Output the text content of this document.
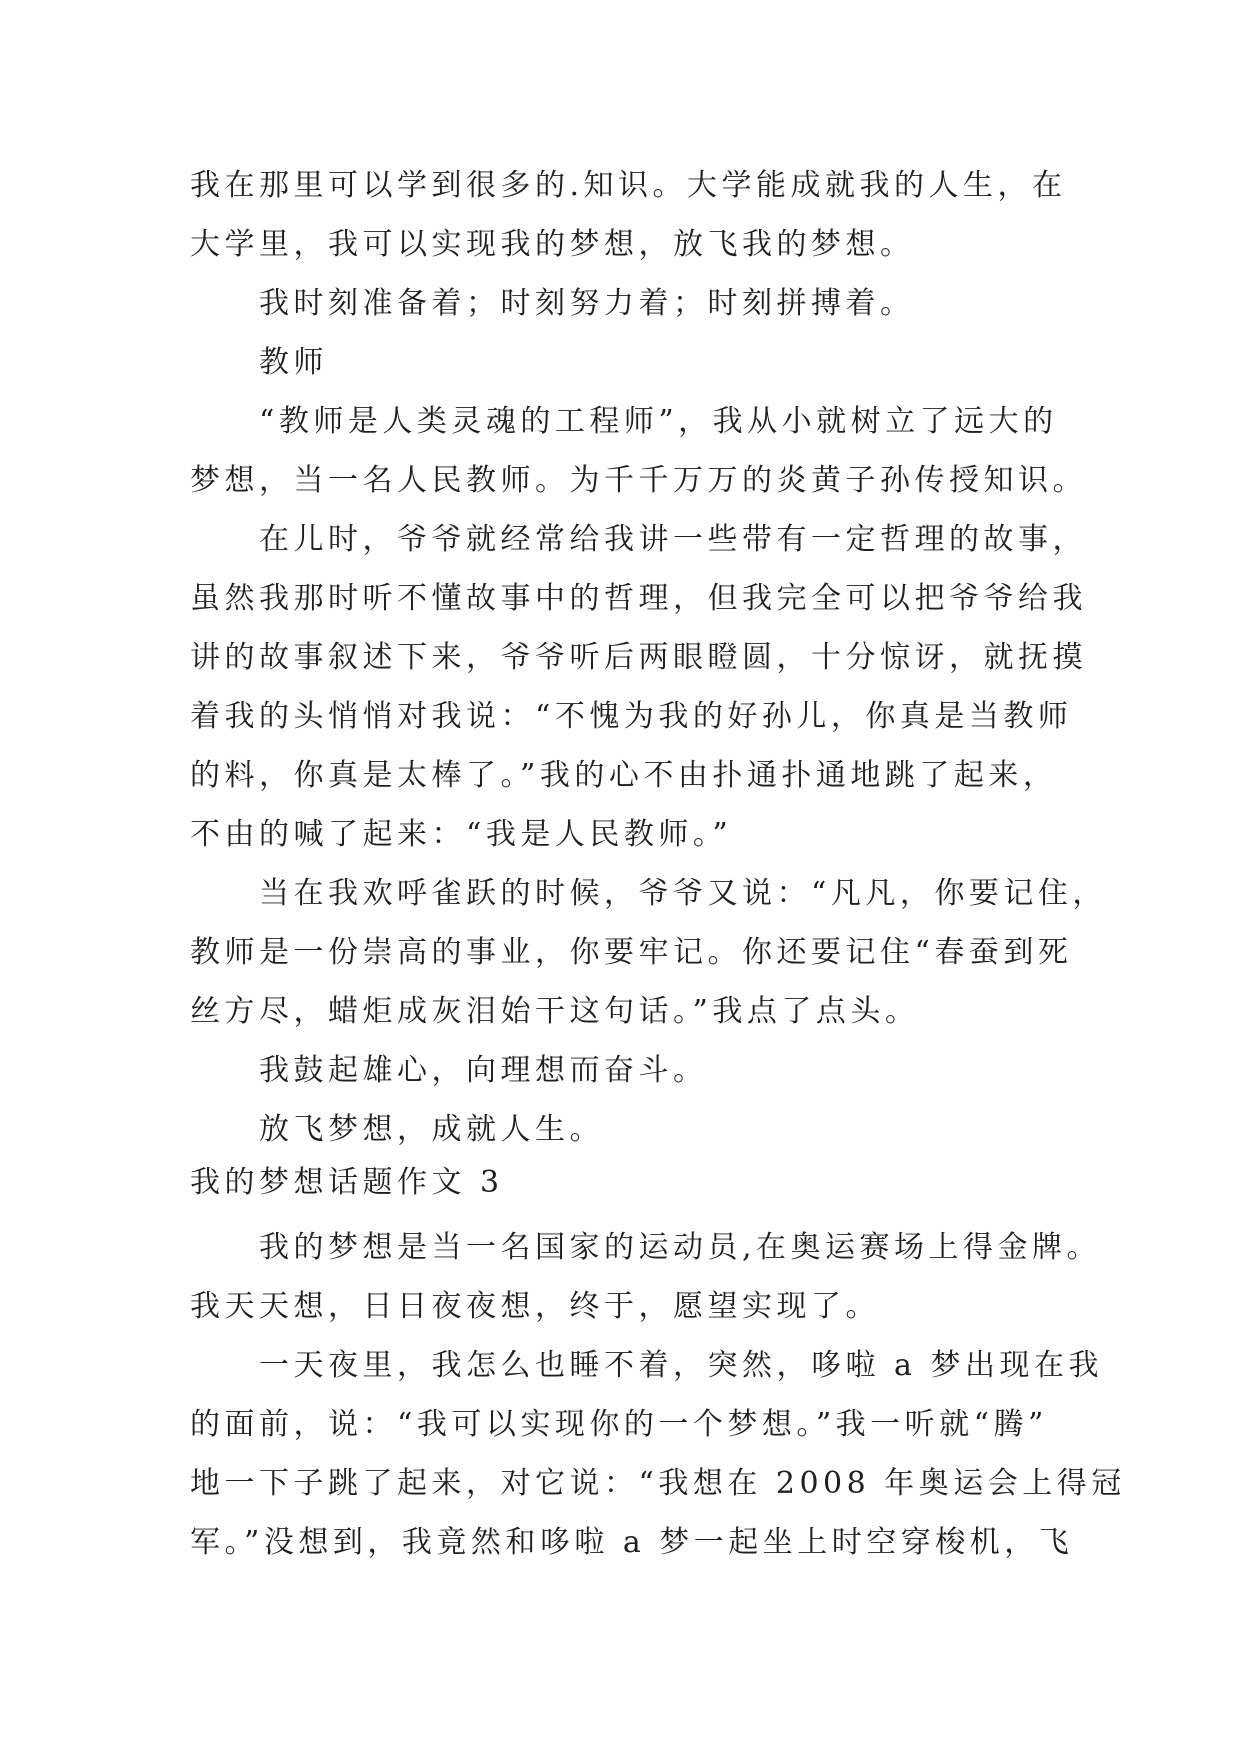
我在那里可以学到很多的.知识。大学能成就我的人生，在
大学里，我可以实现我的梦想，放飞我的梦想。
我时刻准备着；时刻努力着；时刻拼搏着。
教师
“教师是人类灵魂的工程师”，我从小就树立了远大的
梦想，当一名人民教师。为千千万万的炎黄子孙传授知识。
在儿时，爷爷就经常给我讲一些带有一定哲理的故事，
虽然我那时听不懂故事中的哲理，但我完全可以把爷爷给我
讲的故事叙述下来，爷爷听后两眼瞪圆，十分惊讶，就抚摸
着我的头悄悄对我说：“不愧为我的好孙儿，你真是当教师
的料，你真是太棒了。”我的心不由扑通扑通地跳了起来，
不由的喊了起来：“我是人民教师。”
当在我欢呼雀跃的时候，爷爷又说：“凡凡，你要记住，
教师是一份崇高的事业，你要牢记。你还要记住“春蚕到死
丝方尽，蜡炬成灰泪始干这句话。”我点了点头。
我鼓起雄心，向理想而奋斗。
放飞梦想，成就人生。
我的梦想话题作文 3
我的梦想是当一名国家的运动员,在奥运赛场上得金牌。
我天天想，日日夜夜想，终于，愿望实现了。
一天夜里，我怎么也睡不着，突然，哆啦 a 梦出现在我
的面前，说：“我可以实现你的一个梦想。”我一听就“腾”
地一下子跳了起来，对它说：“我想在 2008 年奥运会上得冠
军。”没想到，我竟然和哆啦 a 梦一起坐上时空穿梭机，飞
